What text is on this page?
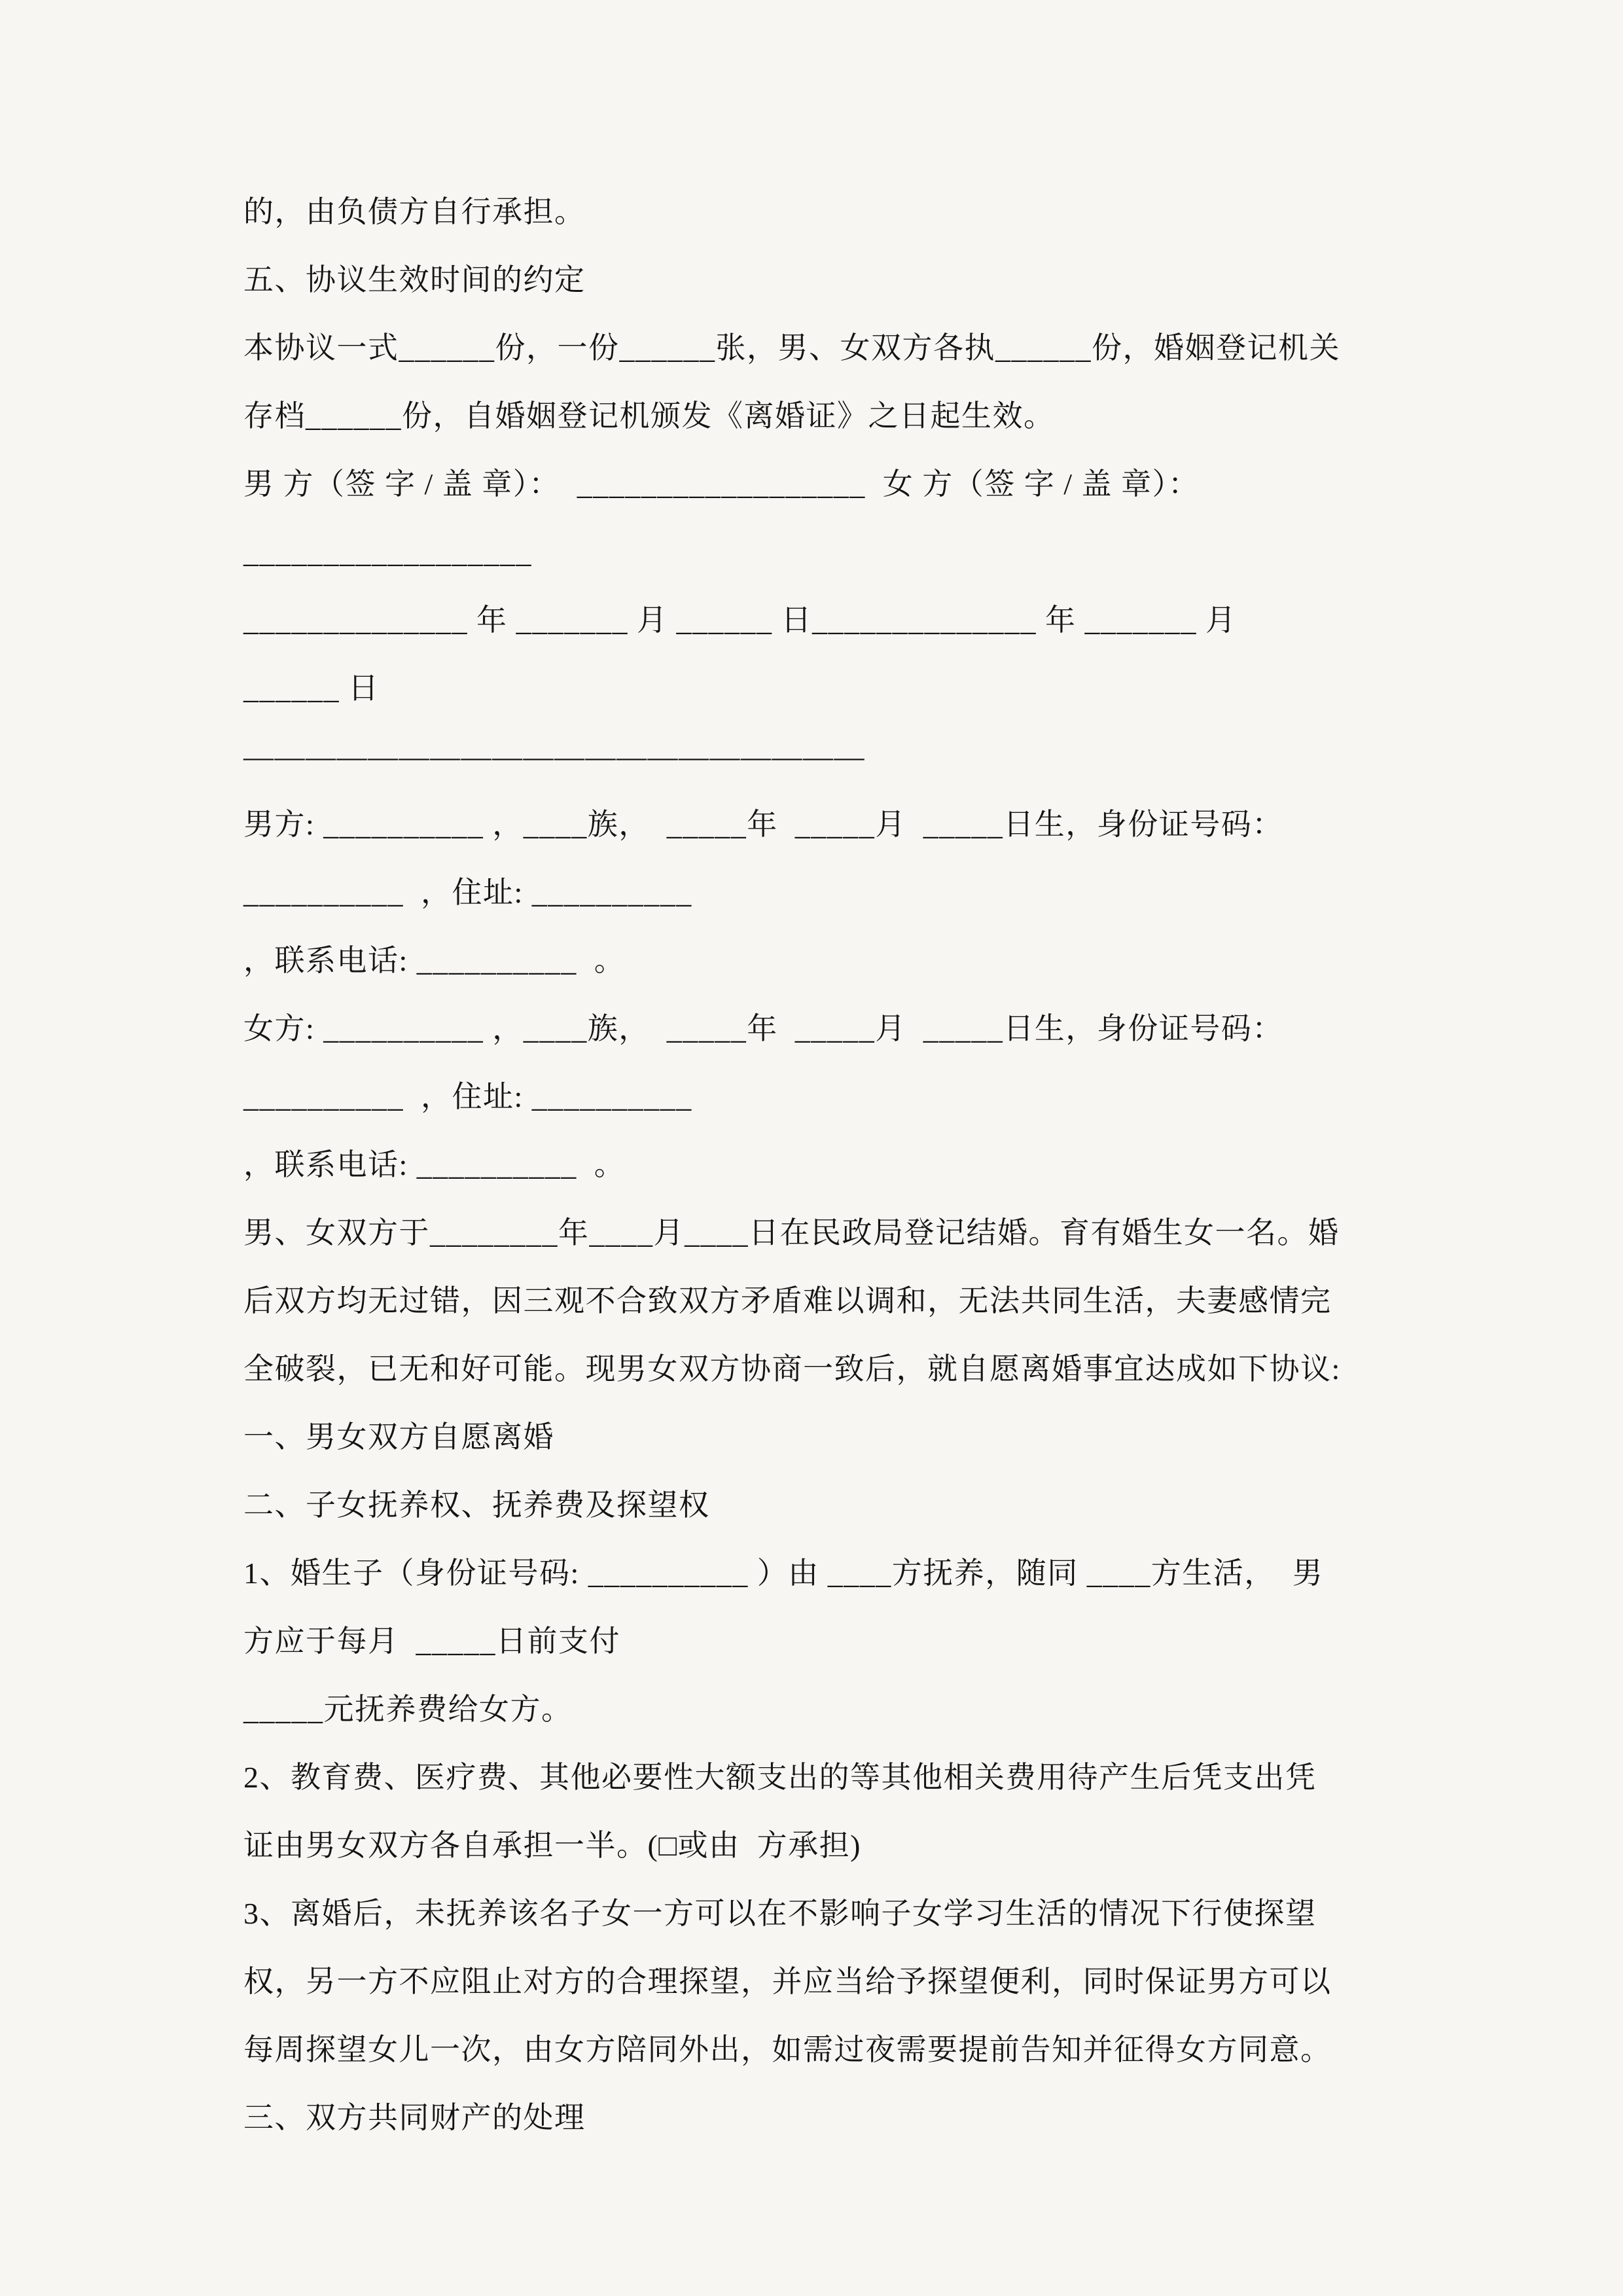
的，由负债方自行承担。
五、协议生效时间的约定
本协议一式______份，一份______张，男、女双方各执______份，婚姻登记机关
存档______份，自婚姻登记机颁发《离婚证》之日起生效。
男 方（签 字 / 盖 章）：  __________________  女 方（签 字 / 盖 章）：
__________________
______________ 年 _______ 月 ______ 日______________ 年 _______ 月
______ 日
————————————————————
男方: __________ ，____族，  _____年  _____月  _____日生，身份证号码：
__________  ，住址: __________
，联系电话: __________  。
女方: __________ ，____族，  _____年  _____月  _____日生，身份证号码：
__________  ，住址: __________
，联系电话: __________  。
男、女双方于________年____月____日在民政局登记结婚。育有婚生女一名。婚
后双方均无过错，因三观不合致双方矛盾难以调和，无法共同生活，夫妻感情完
全破裂，已无和好可能。现男女双方协商一致后，就自愿离婚事宜达成如下协议:
一、男女双方自愿离婚
二、子女抚养权、抚养费及探望权
1、婚生子（身份证号码: __________ ）由 ____方抚养，随同 ____方生活，  男
方应于每月  _____日前支付
_____元抚养费给女方。
2、教育费、医疗费、其他必要性大额支出的等其他相关费用待产生后凭支出凭
证由男女双方各自承担一半。(□或由  方承担)
3、离婚后，未抚养该名子女一方可以在不影响子女学习生活的情况下行使探望
权，另一方不应阻止对方的合理探望，并应当给予探望便利，同时保证男方可以
每周探望女儿一次，由女方陪同外出，如需过夜需要提前告知并征得女方同意。
三、双方共同财产的处理
